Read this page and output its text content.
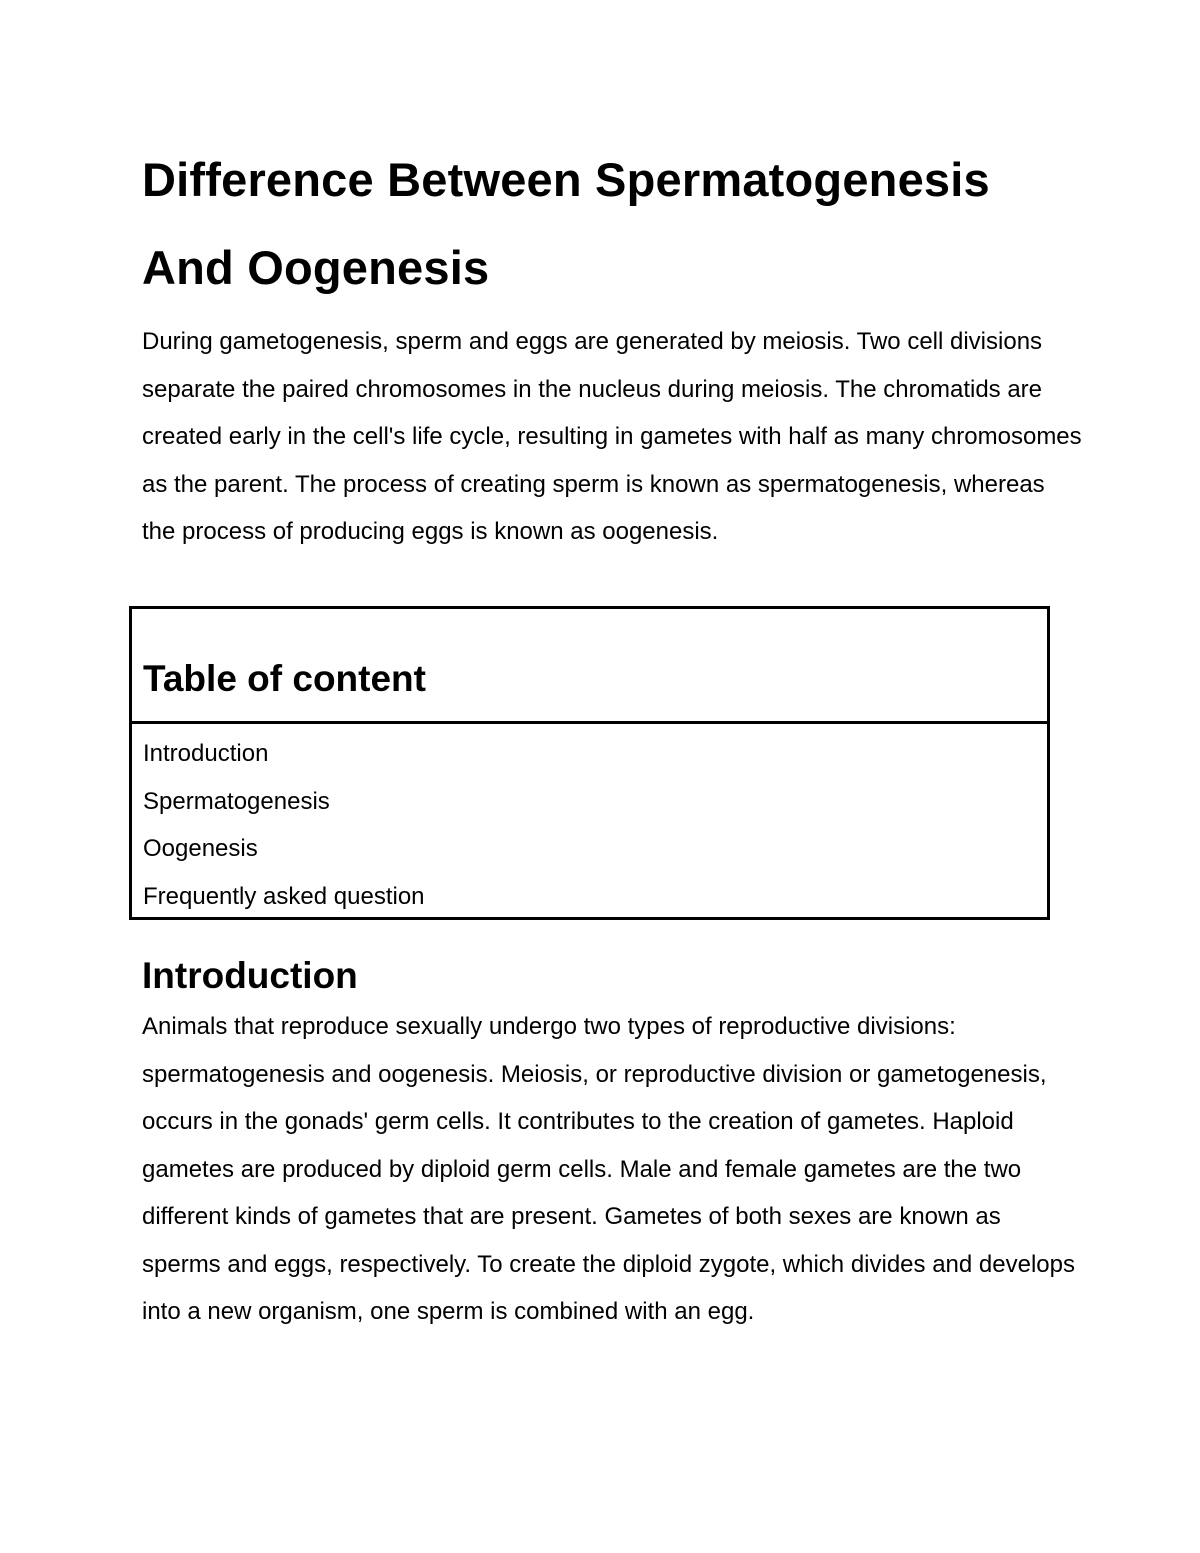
Difference Between Spermatogenesis And Oogenesis

During gametogenesis, sperm and eggs are generated by meiosis. Two cell divisions separate the paired chromosomes in the nucleus during meiosis. The chromatids are created early in the cell's life cycle, resulting in gametes with half as many chromosomes as the parent. The process of creating sperm is known as spermatogenesis, whereas the process of producing eggs is known as oogenesis.

Table of content
Introduction
Spermatogenesis
Oogenesis
Frequently asked question
Introduction

Animals that reproduce sexually undergo two types of reproductive divisions: spermatogenesis and oogenesis. Meiosis, or reproductive division or gametogenesis, occurs in the gonads' germ cells. It contributes to the creation of gametes. Haploid gametes are produced by diploid germ cells. Male and female gametes are the two different kinds of gametes that are present. Gametes of both sexes are known as sperms and eggs, respectively. To create the diploid zygote, which divides and develops into a new organism, one sperm is combined with an egg.
